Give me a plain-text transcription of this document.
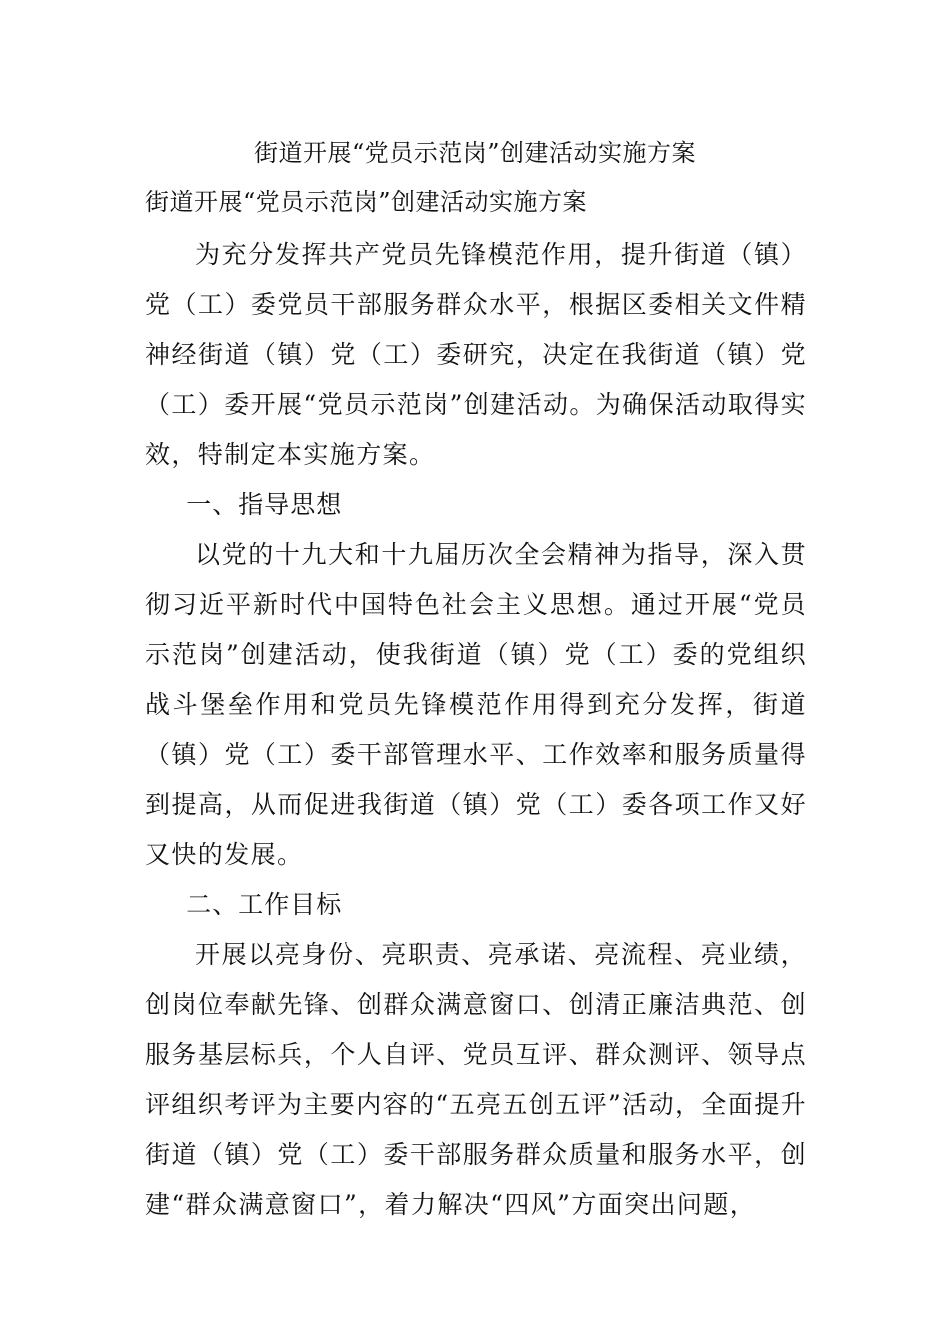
街道开展“党员示范岗”创建活动实施方案
街道开展“党员示范岗”创建活动实施方案

为充分发挥共产党员先锋模范作用，提升街道（镇）党（工）委党员干部服务群众水平，根据区委相关文件精神经街道（镇）党（工）委研究，决定在我街道（镇）党（工）委开展“党员示范岗”创建活动。为确保活动取得实效，特制定本实施方案。

一、指导思想

以党的十九大和十九届历次全会精神为指导，深入贯彻习近平新时代中国特色社会主义思想。通过开展“党员示范岗”创建活动，使我街道（镇）党（工）委的党组织战斗堡垒作用和党员先锋模范作用得到充分发挥，街道（镇）党（工）委干部管理水平、工作效率和服务质量得到提高，从而促进我街道（镇）党（工）委各项工作又好又快的发展。

二、工作目标

开展以亮身份、亮职责、亮承诺、亮流程、亮业绩，创岗位奉献先锋、创群众满意窗口、创清正廉洁典范、创服务基层标兵，个人自评、党员互评、群众测评、领导点评组织考评为主要内容的“五亮五创五评”活动，全面提升街道（镇）党（工）委干部服务群众质量和服务水平，创建“群众满意窗口”，着力解决“四风”方面突出问题，
